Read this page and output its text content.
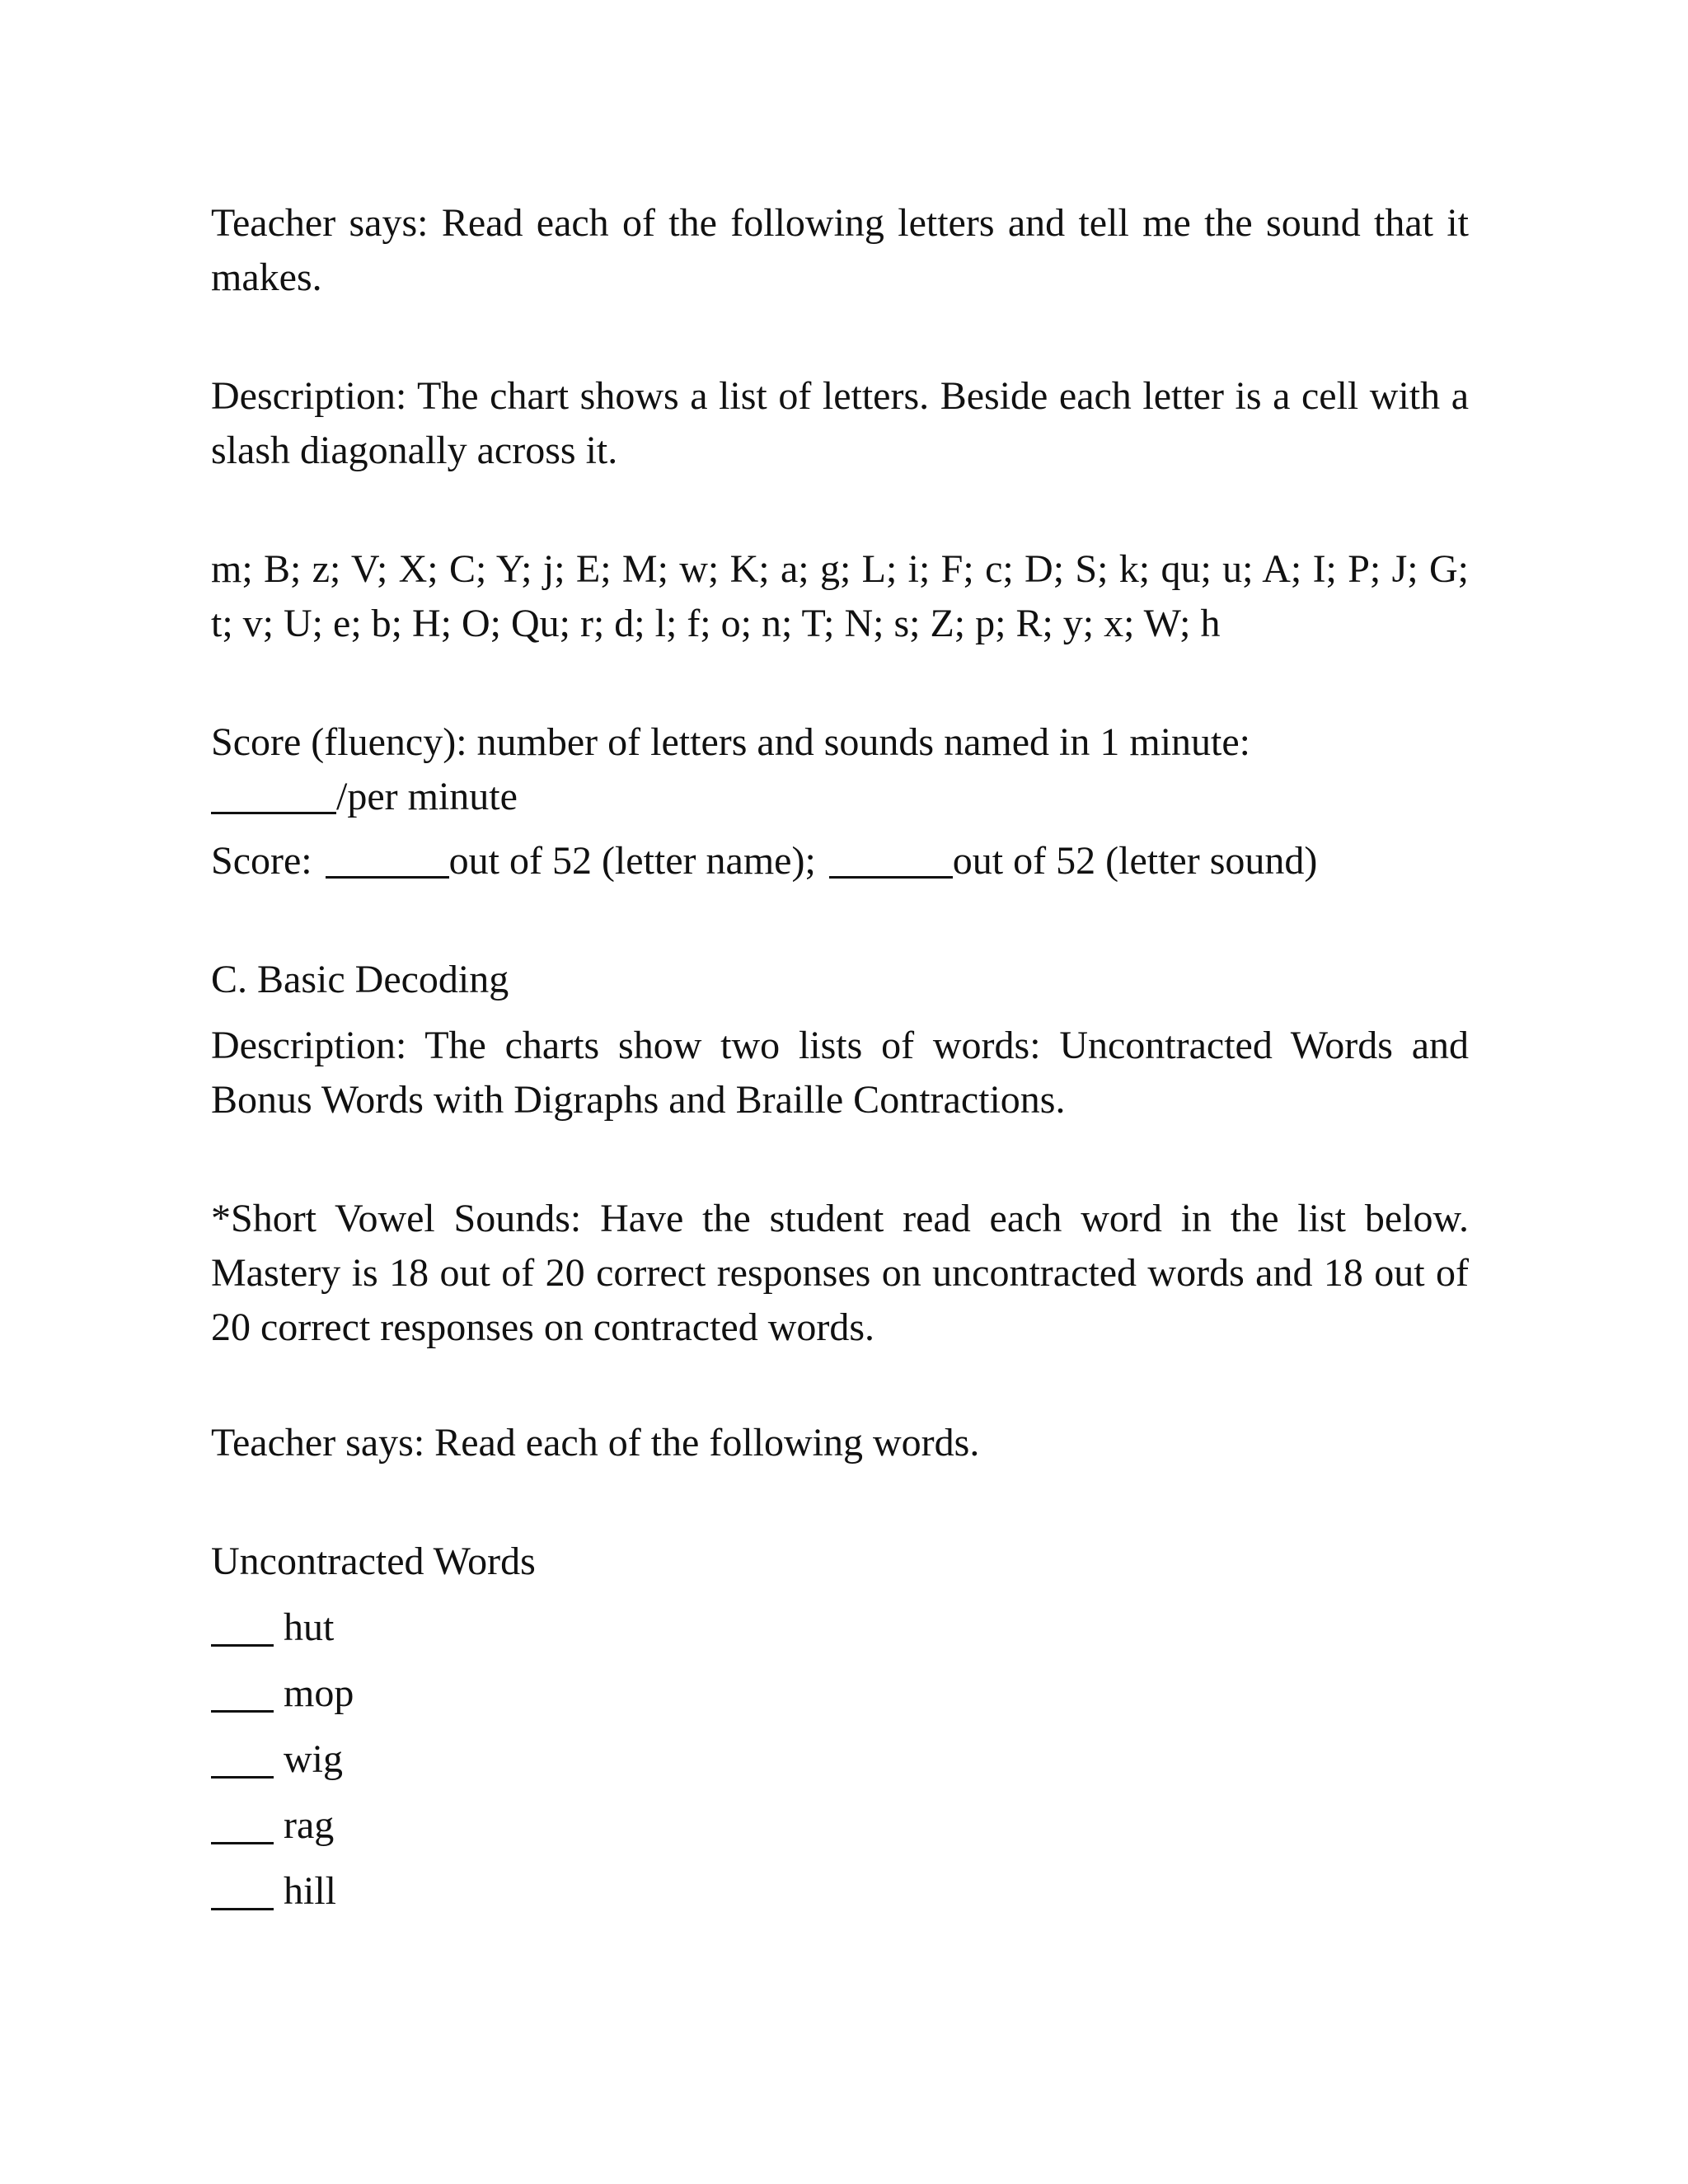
Teacher says: Read each of the following letters and tell me the sound that it makes.

Description: The chart shows a list of letters. Beside each letter is a cell with a slash diagonally across it.

m; B; z; V; X; C; Y; j; E; M; w; K; a; g; L; i; F; c; D; S; k; qu; u; A; I; P; J; G; t; v; U; e; b; H; O; Qu; r; d; l; f; o; n; T; N; s; Z; p; R; y; x; W; h

Score (fluency): number of letters and sounds named in 1 minute:
/per minute
Score:	out of 52 (letter name);	out of 52 (letter sound)

C. Basic Decoding

Description: The charts show two lists of words: Uncontracted Words and Bonus Words with Digraphs and Braille Contractions.

*Short Vowel Sounds: Have the student read each word in the list below. Mastery is 18 out of 20 correct responses on uncontracted words and 18 out of 20 correct responses on contracted words.

Teacher says: Read each of the following words.

Uncontracted Words

hut
mop
wig
rag
hill
